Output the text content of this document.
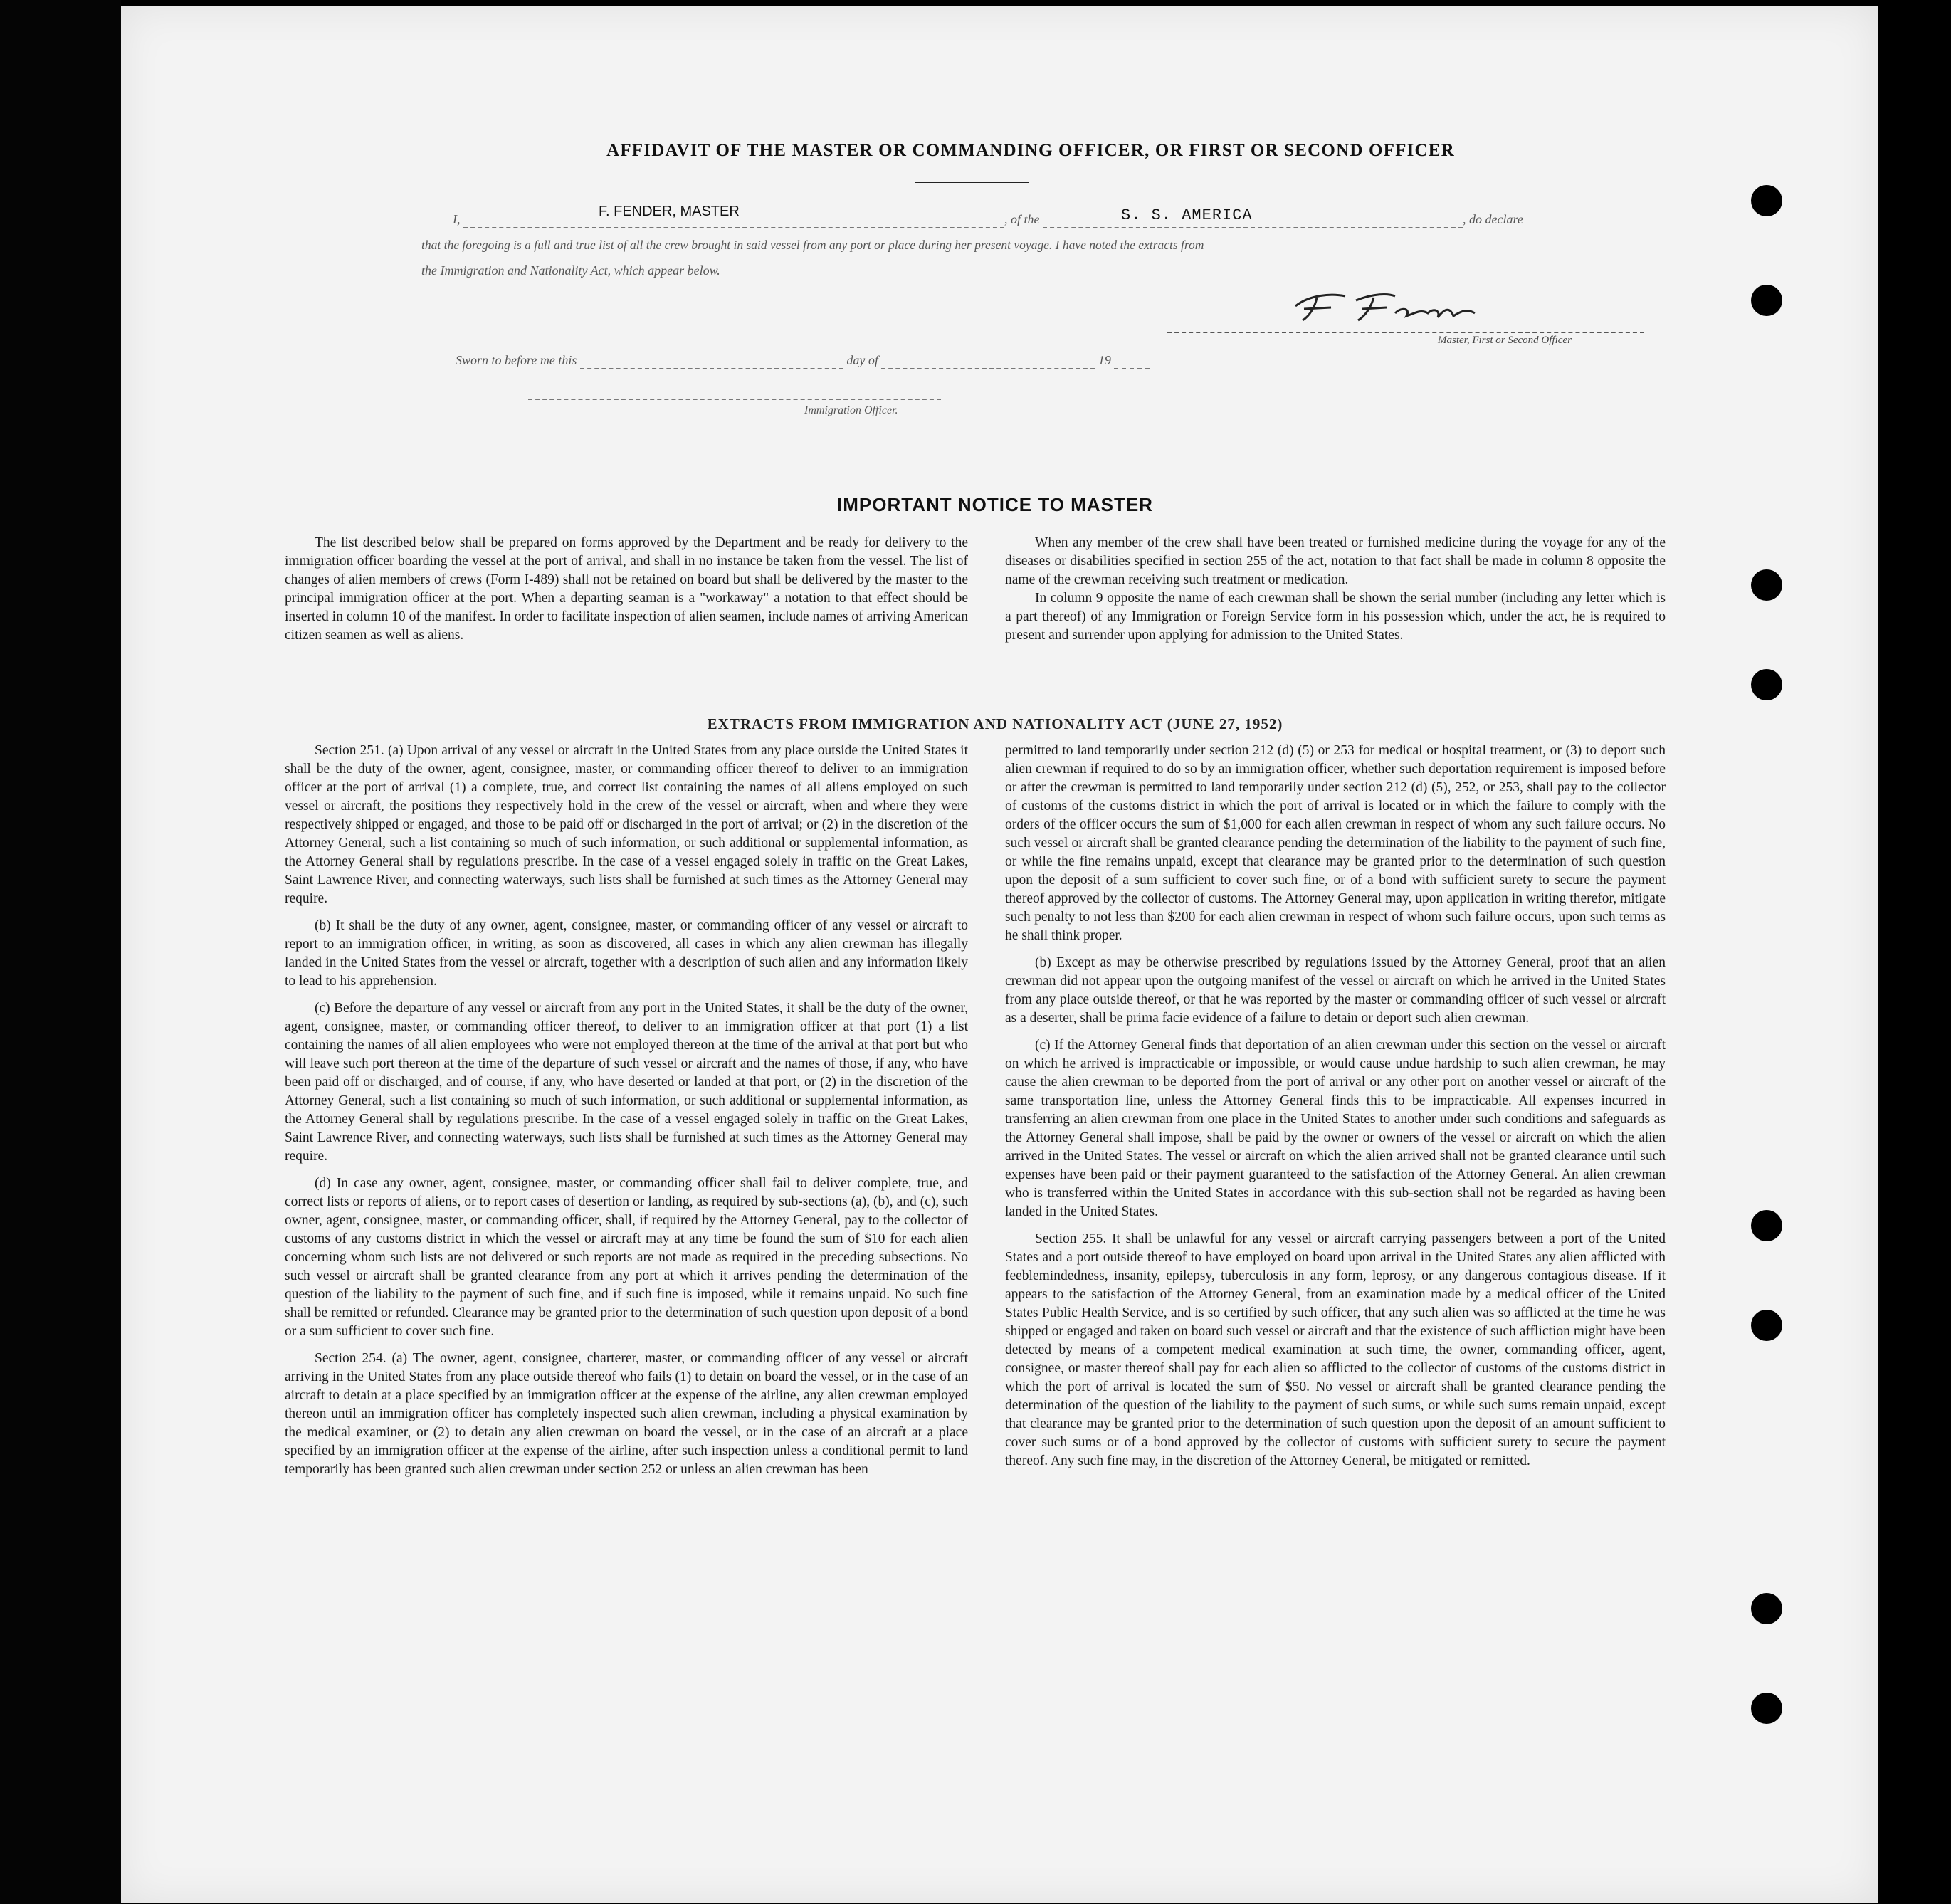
AFFIDAVIT OF THE MASTER OR COMMANDING OFFICER, OR FIRST OR SECOND OFFICER
I,	F. FENDER, MASTER	, of the	S. S. AMERICA	, do declare
that the foregoing is a full and true list of all the crew brought in said vessel from any port or place during her present voyage. I have noted the extracts from
the Immigration and Nationality Act, which appear below.
Master, First or Second Officer
Sworn to before me this	day of	19
Immigration Officer.
IMPORTANT NOTICE TO MASTER

The list described below shall be prepared on forms approved by the Department and be ready for delivery to the immigration officer boarding the vessel at the port of arrival, and shall in no instance be taken from the vessel. The list of changes of alien members of crews (Form I-489) shall not be retained on board but shall be delivered by the master to the principal immigration officer at the port. When a departing seaman is a "workaway" a notation to that effect should be inserted in column 10 of the manifest. In order to facilitate inspection of alien seamen, include names of arriving American citizen seamen as well as aliens.

When any member of the crew shall have been treated or furnished medicine during the voyage for any of the diseases or disabilities specified in section 255 of the act, notation to that fact shall be made in column 8 opposite the name of the crewman receiving such treatment or medication.

In column 9 opposite the name of each crewman shall be shown the serial number (including any letter which is a part thereof) of any Immigration or Foreign Service form in his possession which, under the act, he is required to present and surrender upon applying for admission to the United States.

EXTRACTS FROM IMMIGRATION AND NATIONALITY ACT (JUNE 27, 1952)

Section 251. (a) Upon arrival of any vessel or aircraft in the United States from any place outside the United States it shall be the duty of the owner, agent, consignee, master, or commanding officer thereof to deliver to an immigration officer at the port of arrival (1) a complete, true, and correct list containing the names of all aliens employed on such vessel or aircraft, the positions they respectively hold in the crew of the vessel or aircraft, when and where they were respectively shipped or engaged, and those to be paid off or discharged in the port of arrival; or (2) in the discretion of the Attorney General, such a list containing so much of such information, or such additional or supplemental information, as the Attorney General shall by regulations prescribe. In the case of a vessel engaged solely in traffic on the Great Lakes, Saint Lawrence River, and connecting waterways, such lists shall be furnished at such times as the Attorney General may require.

(b) It shall be the duty of any owner, agent, consignee, master, or commanding officer of any vessel or aircraft to report to an immigration officer, in writing, as soon as discovered, all cases in which any alien crewman has illegally landed in the United States from the vessel or aircraft, together with a description of such alien and any information likely to lead to his apprehension.

(c) Before the departure of any vessel or aircraft from any port in the United States, it shall be the duty of the owner, agent, consignee, master, or commanding officer thereof, to deliver to an immigration officer at that port (1) a list containing the names of all alien employees who were not employed thereon at the time of the arrival at that port but who will leave such port thereon at the time of the departure of such vessel or aircraft and the names of those, if any, who have been paid off or discharged, and of course, if any, who have deserted or landed at that port, or (2) in the discretion of the Attorney General, such a list containing so much of such information, or such additional or supplemental information, as the Attorney General shall by regulations prescribe. In the case of a vessel engaged solely in traffic on the Great Lakes, Saint Lawrence River, and connecting waterways, such lists shall be furnished at such times as the Attorney General may require.

(d) In case any owner, agent, consignee, master, or commanding officer shall fail to deliver complete, true, and correct lists or reports of aliens, or to report cases of desertion or landing, as required by sub-sections (a), (b), and (c), such owner, agent, consignee, master, or commanding officer, shall, if required by the Attorney General, pay to the collector of customs of any customs district in which the vessel or aircraft may at any time be found the sum of $10 for each alien concerning whom such lists are not delivered or such reports are not made as required in the preceding subsections. No such vessel or aircraft shall be granted clearance from any port at which it arrives pending the determination of the question of the liability to the payment of such fine, and if such fine is imposed, while it remains unpaid. No such fine shall be remitted or refunded. Clearance may be granted prior to the determination of such question upon deposit of a bond or a sum sufficient to cover such fine.

Section 254. (a) The owner, agent, consignee, charterer, master, or commanding officer of any vessel or aircraft arriving in the United States from any place outside thereof who fails (1) to detain on board the vessel, or in the case of an aircraft to detain at a place specified by an immigration officer at the expense of the airline, any alien crewman employed thereon until an immigration officer has completely inspected such alien crewman, including a physical examination by the medical examiner, or (2) to detain any alien crewman on board the vessel, or in the case of an aircraft at a place specified by an immigration officer at the expense of the airline, after such inspection unless a conditional permit to land temporarily has been granted such alien crewman under section 252 or unless an alien crewman has been

permitted to land temporarily under section 212 (d) (5) or 253 for medical or hospital treatment, or (3) to deport such alien crewman if required to do so by an immigration officer, whether such deportation requirement is imposed before or after the crewman is permitted to land temporarily under section 212 (d) (5), 252, or 253, shall pay to the collector of customs of the customs district in which the port of arrival is located or in which the failure to comply with the orders of the officer occurs the sum of $1,000 for each alien crewman in respect of whom any such failure occurs. No such vessel or aircraft shall be granted clearance pending the determination of the liability to the payment of such fine, or while the fine remains unpaid, except that clearance may be granted prior to the determination of such question upon the deposit of a sum sufficient to cover such fine, or of a bond with sufficient surety to secure the payment thereof approved by the collector of customs. The Attorney General may, upon application in writing therefor, mitigate such penalty to not less than $200 for each alien crewman in respect of whom such failure occurs, upon such terms as he shall think proper.

(b) Except as may be otherwise prescribed by regulations issued by the Attorney General, proof that an alien crewman did not appear upon the outgoing manifest of the vessel or aircraft on which he arrived in the United States from any place outside thereof, or that he was reported by the master or commanding officer of such vessel or aircraft as a deserter, shall be prima facie evidence of a failure to detain or deport such alien crewman.

(c) If the Attorney General finds that deportation of an alien crewman under this section on the vessel or aircraft on which he arrived is impracticable or impossible, or would cause undue hardship to such alien crewman, he may cause the alien crewman to be deported from the port of arrival or any other port on another vessel or aircraft of the same transportation line, unless the Attorney General finds this to be impracticable. All expenses incurred in transferring an alien crewman from one place in the United States to another under such conditions and safeguards as the Attorney General shall impose, shall be paid by the owner or owners of the vessel or aircraft on which the alien arrived in the United States. The vessel or aircraft on which the alien arrived shall not be granted clearance until such expenses have been paid or their payment guaranteed to the satisfaction of the Attorney General. An alien crewman who is transferred within the United States in accordance with this sub-section shall not be regarded as having been landed in the United States.

Section 255. It shall be unlawful for any vessel or aircraft carrying passengers between a port of the United States and a port outside thereof to have employed on board upon arrival in the United States any alien afflicted with feeblemindedness, insanity, epilepsy, tuberculosis in any form, leprosy, or any dangerous contagious disease. If it appears to the satisfaction of the Attorney General, from an examination made by a medical officer of the United States Public Health Service, and is so certified by such officer, that any such alien was so afflicted at the time he was shipped or engaged and taken on board such vessel or aircraft and that the existence of such affliction might have been detected by means of a competent medical examination at such time, the owner, commanding officer, agent, consignee, or master thereof shall pay for each alien so afflicted to the collector of customs of the customs district in which the port of arrival is located the sum of $50. No vessel or aircraft shall be granted clearance pending the determination of the question of the liability to the payment of such sums, or while such sums remain unpaid, except that clearance may be granted prior to the determination of such question upon the deposit of an amount sufficient to cover such sums or of a bond approved by the collector of customs with sufficient surety to secure the payment thereof. Any such fine may, in the discretion of the Attorney General, be mitigated or remitted.
